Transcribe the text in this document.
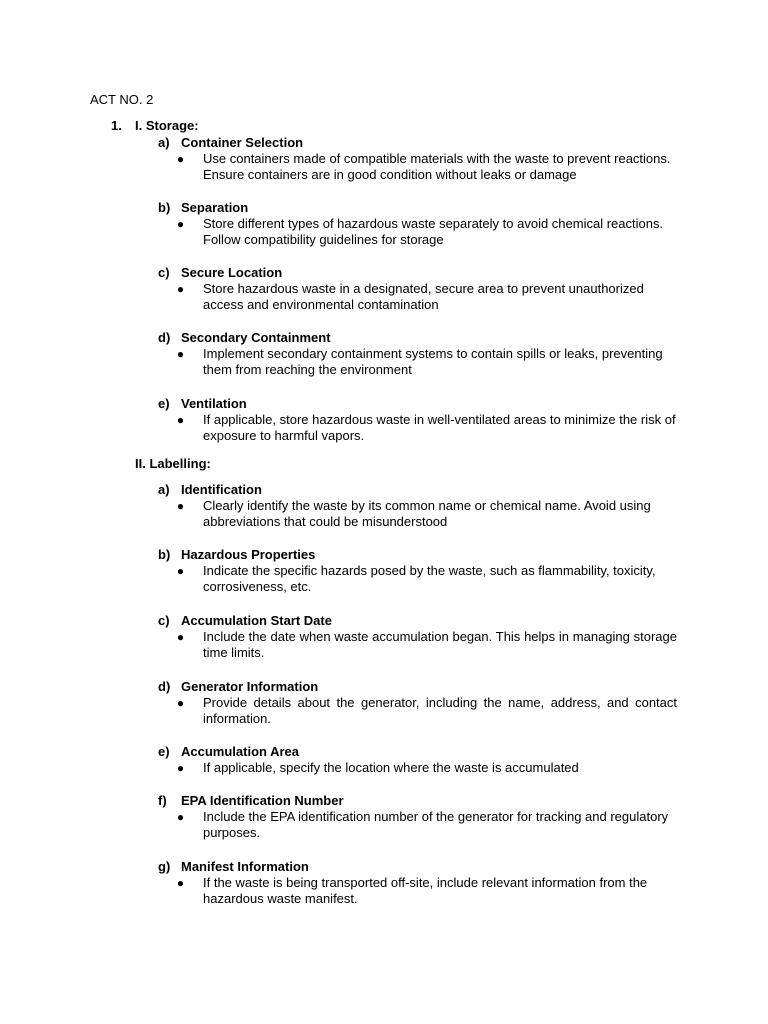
ACT NO. 2
1. I. Storage:
a) Container Selection
●	Use containers made of compatible materials with the waste to prevent reactions. Ensure containers are in good condition without leaks or damage
b) Separation
●	Store different types of hazardous waste separately to avoid chemical reactions. Follow compatibility guidelines for storage
c) Secure Location
●	Store hazardous waste in a designated, secure area to prevent unauthorized access and environmental contamination
d) Secondary Containment
●	Implement secondary containment systems to contain spills or leaks, preventing them from reaching the environment
e) Ventilation
●	If applicable, store hazardous waste in well-ventilated areas to minimize the risk of exposure to harmful vapors.
II. Labelling:
a) Identification
●	Clearly identify the waste by its common name or chemical name. Avoid using abbreviations that could be misunderstood
b) Hazardous Properties
●	Indicate the specific hazards posed by the waste, such as flammability, toxicity, corrosiveness, etc.
c) Accumulation Start Date
●	Include the date when waste accumulation began. This helps in managing storage time limits.
d) Generator Information
●	Provide details about the generator, including the name, address, and contact information.
e) Accumulation Area
●	If applicable, specify the location where the waste is accumulated
f)	EPA Identification Number
●	Include the EPA identification number of the generator for tracking and regulatory purposes.
g) Manifest Information
●	If the waste is being transported off-site, include relevant information from the hazardous waste manifest.
